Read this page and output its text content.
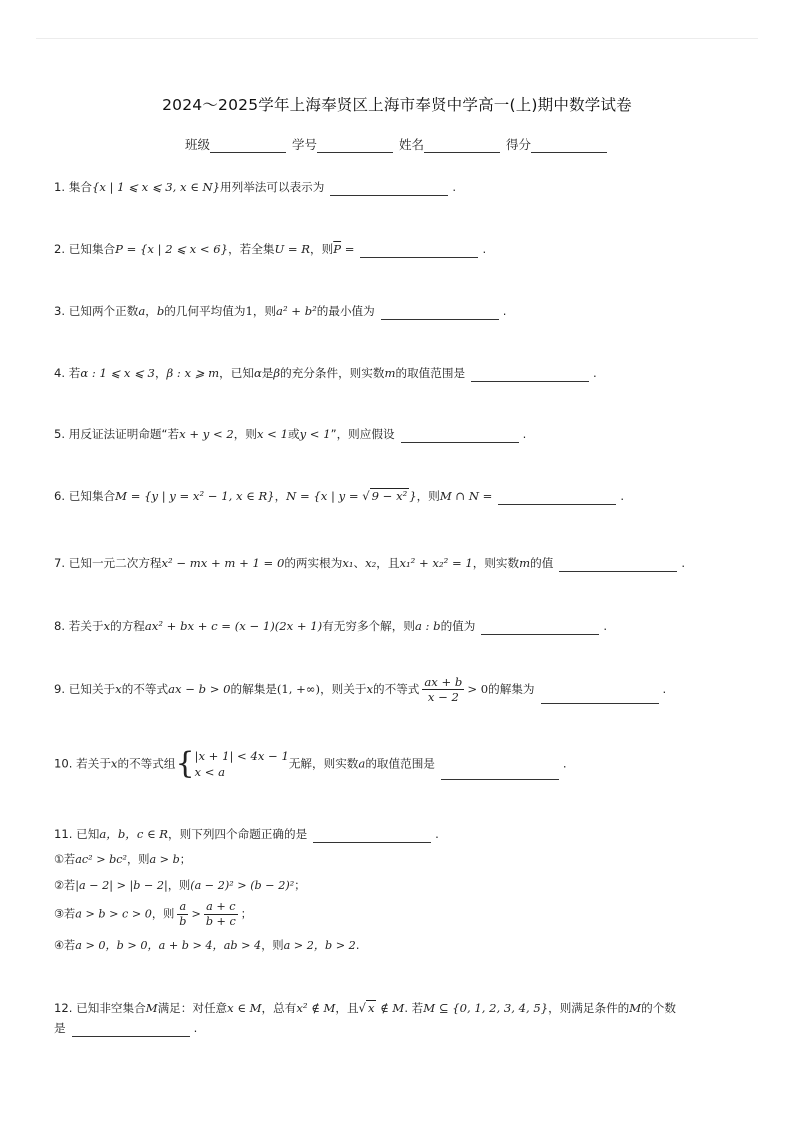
2024～2025学年上海奉贤区上海市奉贤中学高一(上)期中数学试卷
班级	学号	姓名	得分
1. 集合{x | 1 ⩽ x ⩽ 3, x ∈ N}用列举法可以表示为	.
2. 已知集合P = {x | 2 ⩽ x < 6}，若全集U = R，则$\overline{P}$ =	.
3. 已知两个正数a，b的几何平均值为1，则a² + b²的最小值为	.
4. 若α : 1 ⩽ x ⩽ 3，β : x ⩾ m，已知α是β的充分条件，则实数m的取值范围是	.
5. 用反证法证明命题“若x + y < 2，则x < 1或y < 1”，则应假设	.
6. 已知集合M = {y | y = x² − 1, x ∈ R}，N = {x | y = √ 9 − x² }，则M ∩ N =	.
7. 已知一元二次方程x² − mx + m + 1 = 0的两实根为x₁、x₂，且x₁² + x₂² = 1，则实数m的值	.
8. 若关于x的方程ax² + bx + c = (x − 1)(2x + 1)有无穷多个解，则a : b的值为	.
9. 已知关于x的不等式ax − b > 0的解集是(1, +∞)，则关于x的不等式 $\frac{ax + b}{x - 2} > 0$的解集为	.
10. 若关于x的不等式组{ |x + 1| < 4x − 1
x < a
无解，则实数a的取值范围是	.
11. 已知a，b，c ∈ R，则下列四个命题正确的是	.
①若ac² > bc²，则a > b；
②若|a − 2| > |b − 2|，则(a − 2)² > (b − 2)²；
③若a > b > c > 0，则 $\frac{a}{b} > \frac{a + c}{b + c}$ ；
④若a > 0，b > 0，a + b > 4，ab > 4，则a > 2，b > 2.
12. 已知非空集合M满足：对任意x ∈ M，总有x² ∉ M，且√ x ∉ M. 若M ⊆ {0, 1, 2, 3, 4, 5}，则满足条件的M的个数
是	.
